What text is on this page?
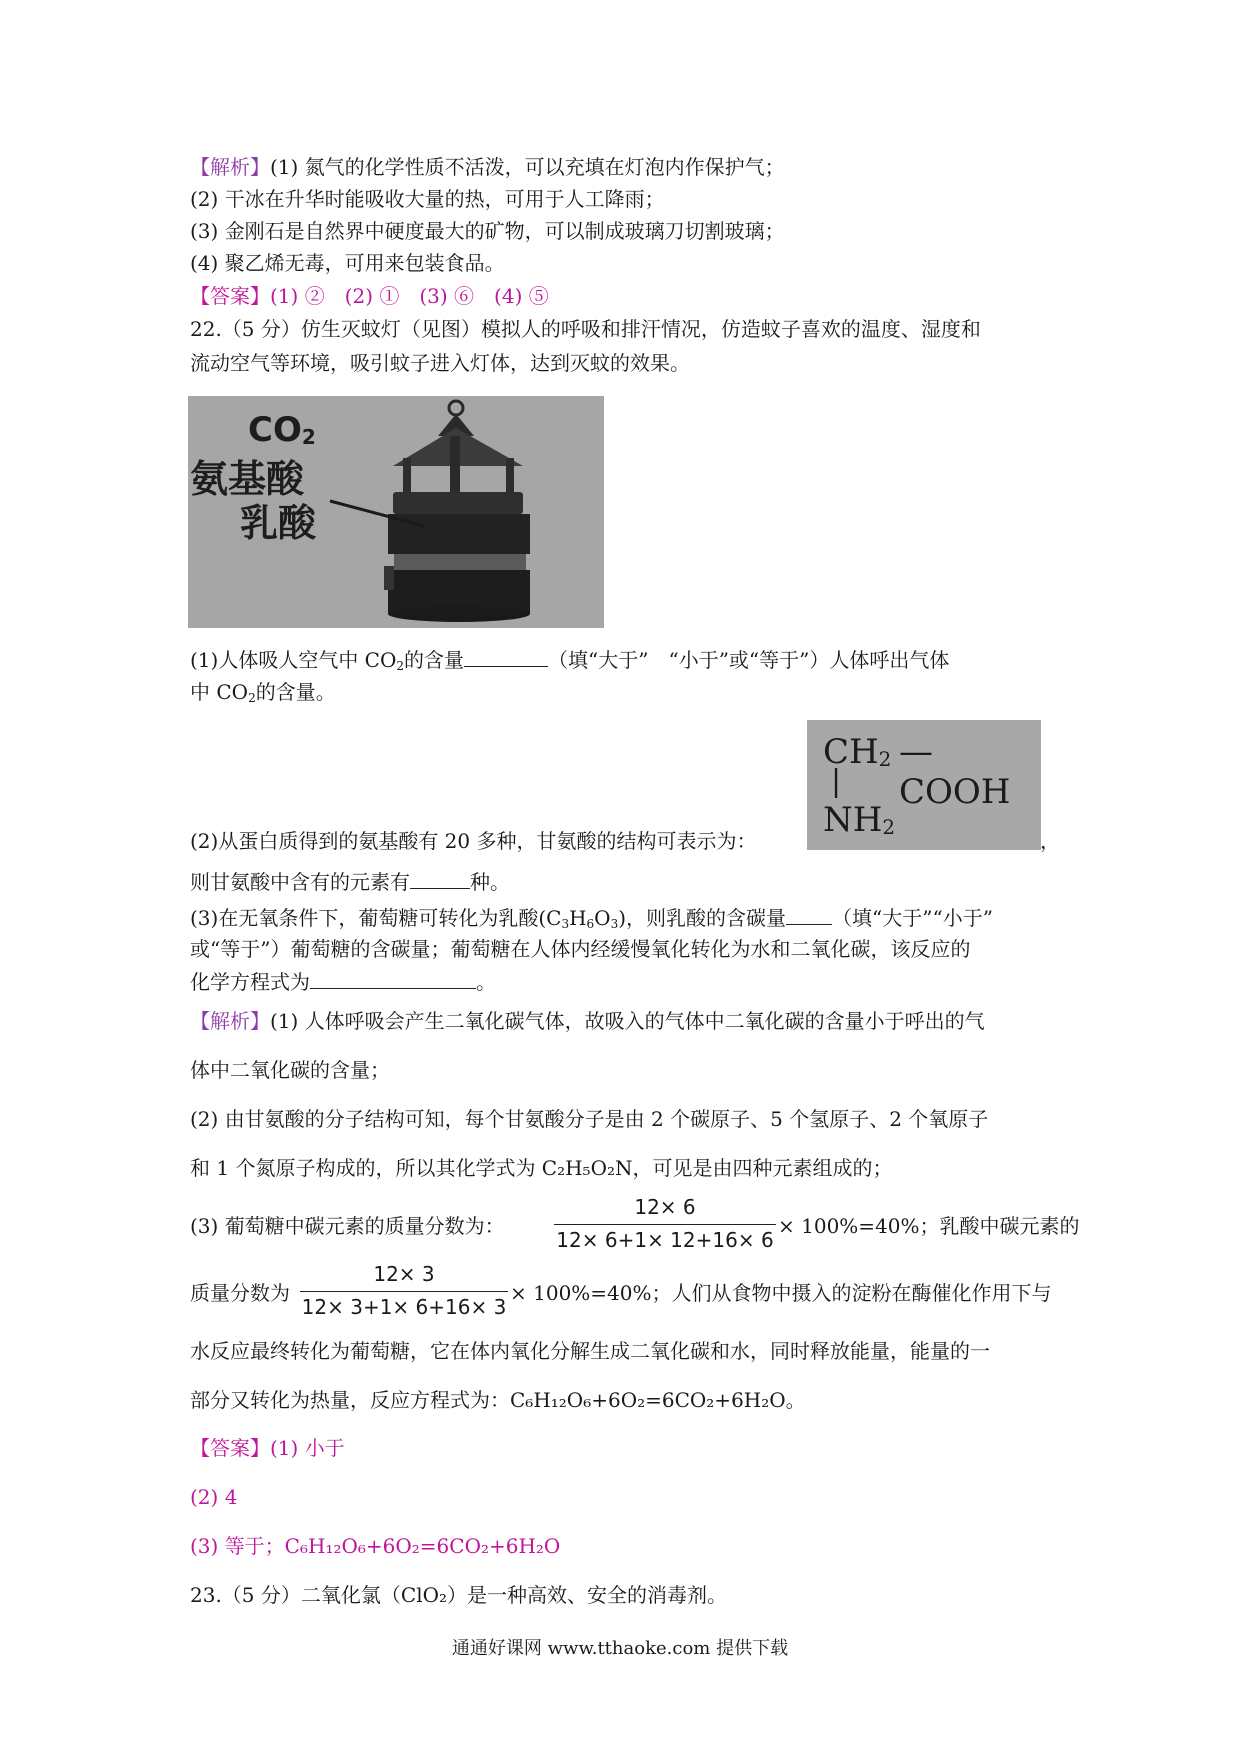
【解析】(1) 氮气的化学性质不活泼，可以充填在灯泡内作保护气；
(2) 干冰在升华时能吸收大量的热，可用于人工降雨；
(3) 金刚石是自然界中硬度最大的矿物，可以制成玻璃刀切割玻璃；
(4) 聚乙烯无毒，可用来包装食品。
【答案】(1) ②　(2) ①　(3) ⑥　(4) ⑤
22.（5 分）仿生灭蚊灯（见图）模拟人的呼吸和排汗情况，仿造蚊子喜欢的温度、湿度和
流动空气等环境，吸引蚊子进入灯体，达到灭蚊的效果。
$CO_2$
氨基酸
乳酸
(1)人体吸人空气中 $CO_2$的含量	（填“大于”　“小于”或“等于”）人体呼出气体
中 $CO_2$的含量。
$CH_2$ —COOH
|
$NH_2$
(2)从蛋白质得到的氨基酸有 20 多种，甘氨酸的结构可表示为：	，
则甘氨酸中含有的元素有	种。
(3)在无氧条件下，葡萄糖可转化为乳酸$(C_3H_6O_3)$，则乳酸的含碳量 （填“大于”“小于”
或“等于”）葡萄糖的含碳量；葡萄糖在人体内经缓慢氧化转化为水和二氧化碳，该反应的
化学方程式为	。
【解析】(1) 人体呼吸会产生二氧化碳气体，故吸入的气体中二氧化碳的含量小于呼出的气
体中二氧化碳的含量；
(2) 由甘氨酸的分子结构可知，每个甘氨酸分子是由 2 个碳原子、5 个氢原子、2 个氧原子
和 1 个氮原子构成的，所以其化学式为 C₂H₅O₂N，可见是由四种元素组成的；
(3) 葡萄糖中碳元素的质量分数为：
12× 6
12× 6+1× 12+16× 6
× 100%=40%；乳酸中碳元素的
质量分数为
12× 3
12× 3+1× 6+16× 3
× 100%=40%；人们从食物中摄入的淀粉在酶催化作用下与
水反应最终转化为葡萄糖，它在体内氧化分解生成二氧化碳和水，同时释放能量，能量的一
部分又转化为热量，反应方程式为：C₆H₁₂O₆+6O₂=6CO₂+6H₂O。
【答案】(1) 小于
(2) 4
(3) 等于；C₆H₁₂O₆+6O₂=6CO₂+6H₂O
23.（5 分）二氧化氯（ClO₂）是一种高效、安全的消毒剂。
通通好课网 www.tthaoke.com 提供下载
